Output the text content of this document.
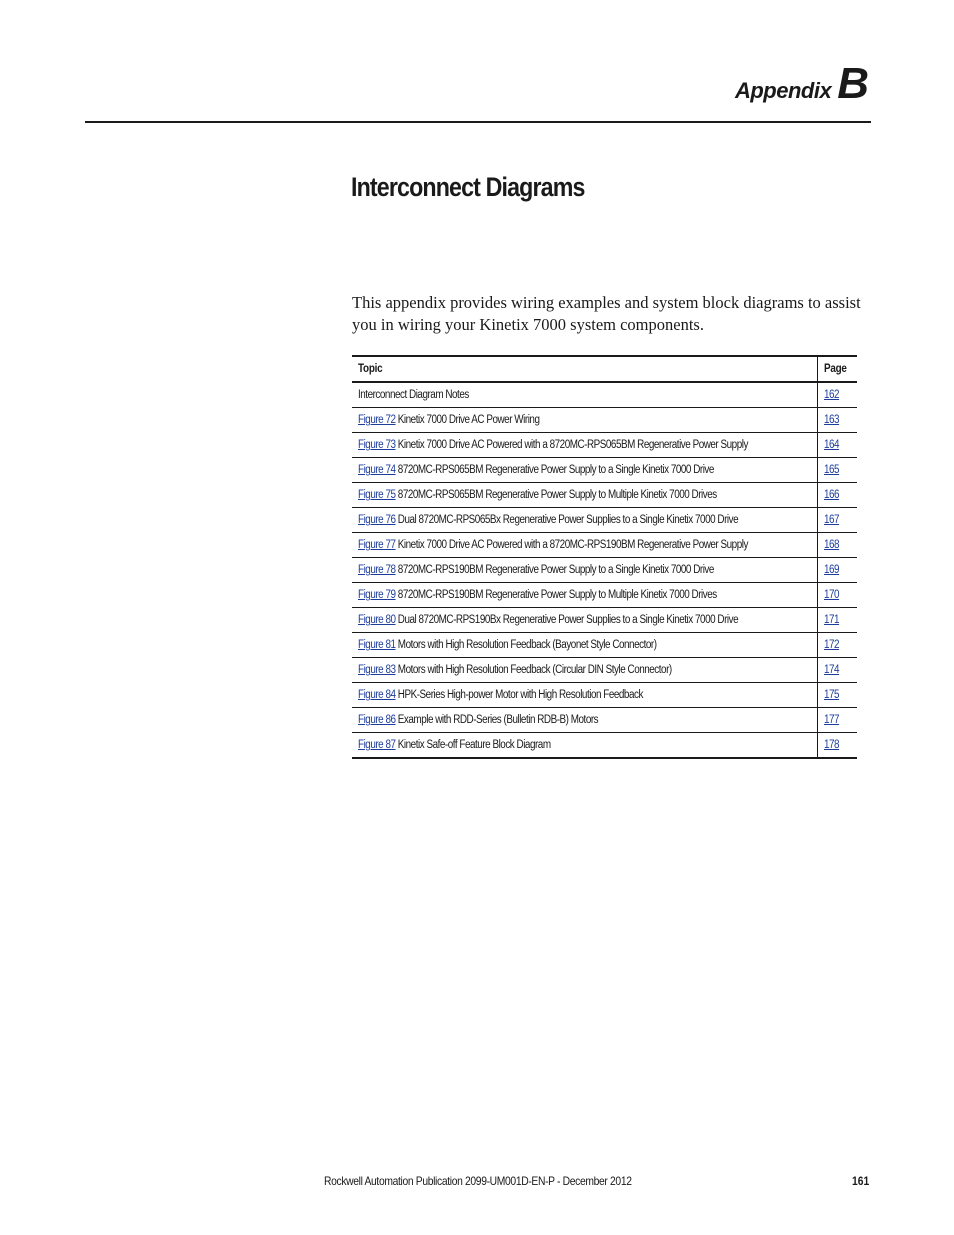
Appendix B
Interconnect Diagrams

This appendix provides wiring examples and system block diagrams to assist you in wiring your Kinetix 7000 system components.

Topic	Page
Interconnect Diagram Notes	162
Figure 72 Kinetix 7000 Drive AC Power Wiring	163
Figure 73 Kinetix 7000 Drive AC Powered with a 8720MC-RPS065BM Regenerative Power Supply	164
Figure 74 8720MC-RPS065BM Regenerative Power Supply to a Single Kinetix 7000 Drive	165
Figure 75 8720MC-RPS065BM Regenerative Power Supply to Multiple Kinetix 7000 Drives	166
Figure 76 Dual 8720MC-RPS065Bx Regenerative Power Supplies to a Single Kinetix 7000 Drive	167
Figure 77 Kinetix 7000 Drive AC Powered with a 8720MC-RPS190BM Regenerative Power Supply	168
Figure 78 8720MC-RPS190BM Regenerative Power Supply to a Single Kinetix 7000 Drive	169
Figure 79 8720MC-RPS190BM Regenerative Power Supply to Multiple Kinetix 7000 Drives	170
Figure 80 Dual 8720MC-RPS190Bx Regenerative Power Supplies to a Single Kinetix 7000 Drive	171
Figure 81 Motors with High Resolution Feedback (Bayonet Style Connector)	172
Figure 83 Motors with High Resolution Feedback (Circular DIN Style Connector)	174
Figure 84 HPK-Series High-power Motor with High Resolution Feedback	175
Figure 86 Example with RDD-Series (Bulletin RDB-B) Motors	177
Figure 87 Kinetix Safe-off Feature Block Diagram	178
Rockwell Automation Publication 2099-UM001D-EN-P - December 2012	161
